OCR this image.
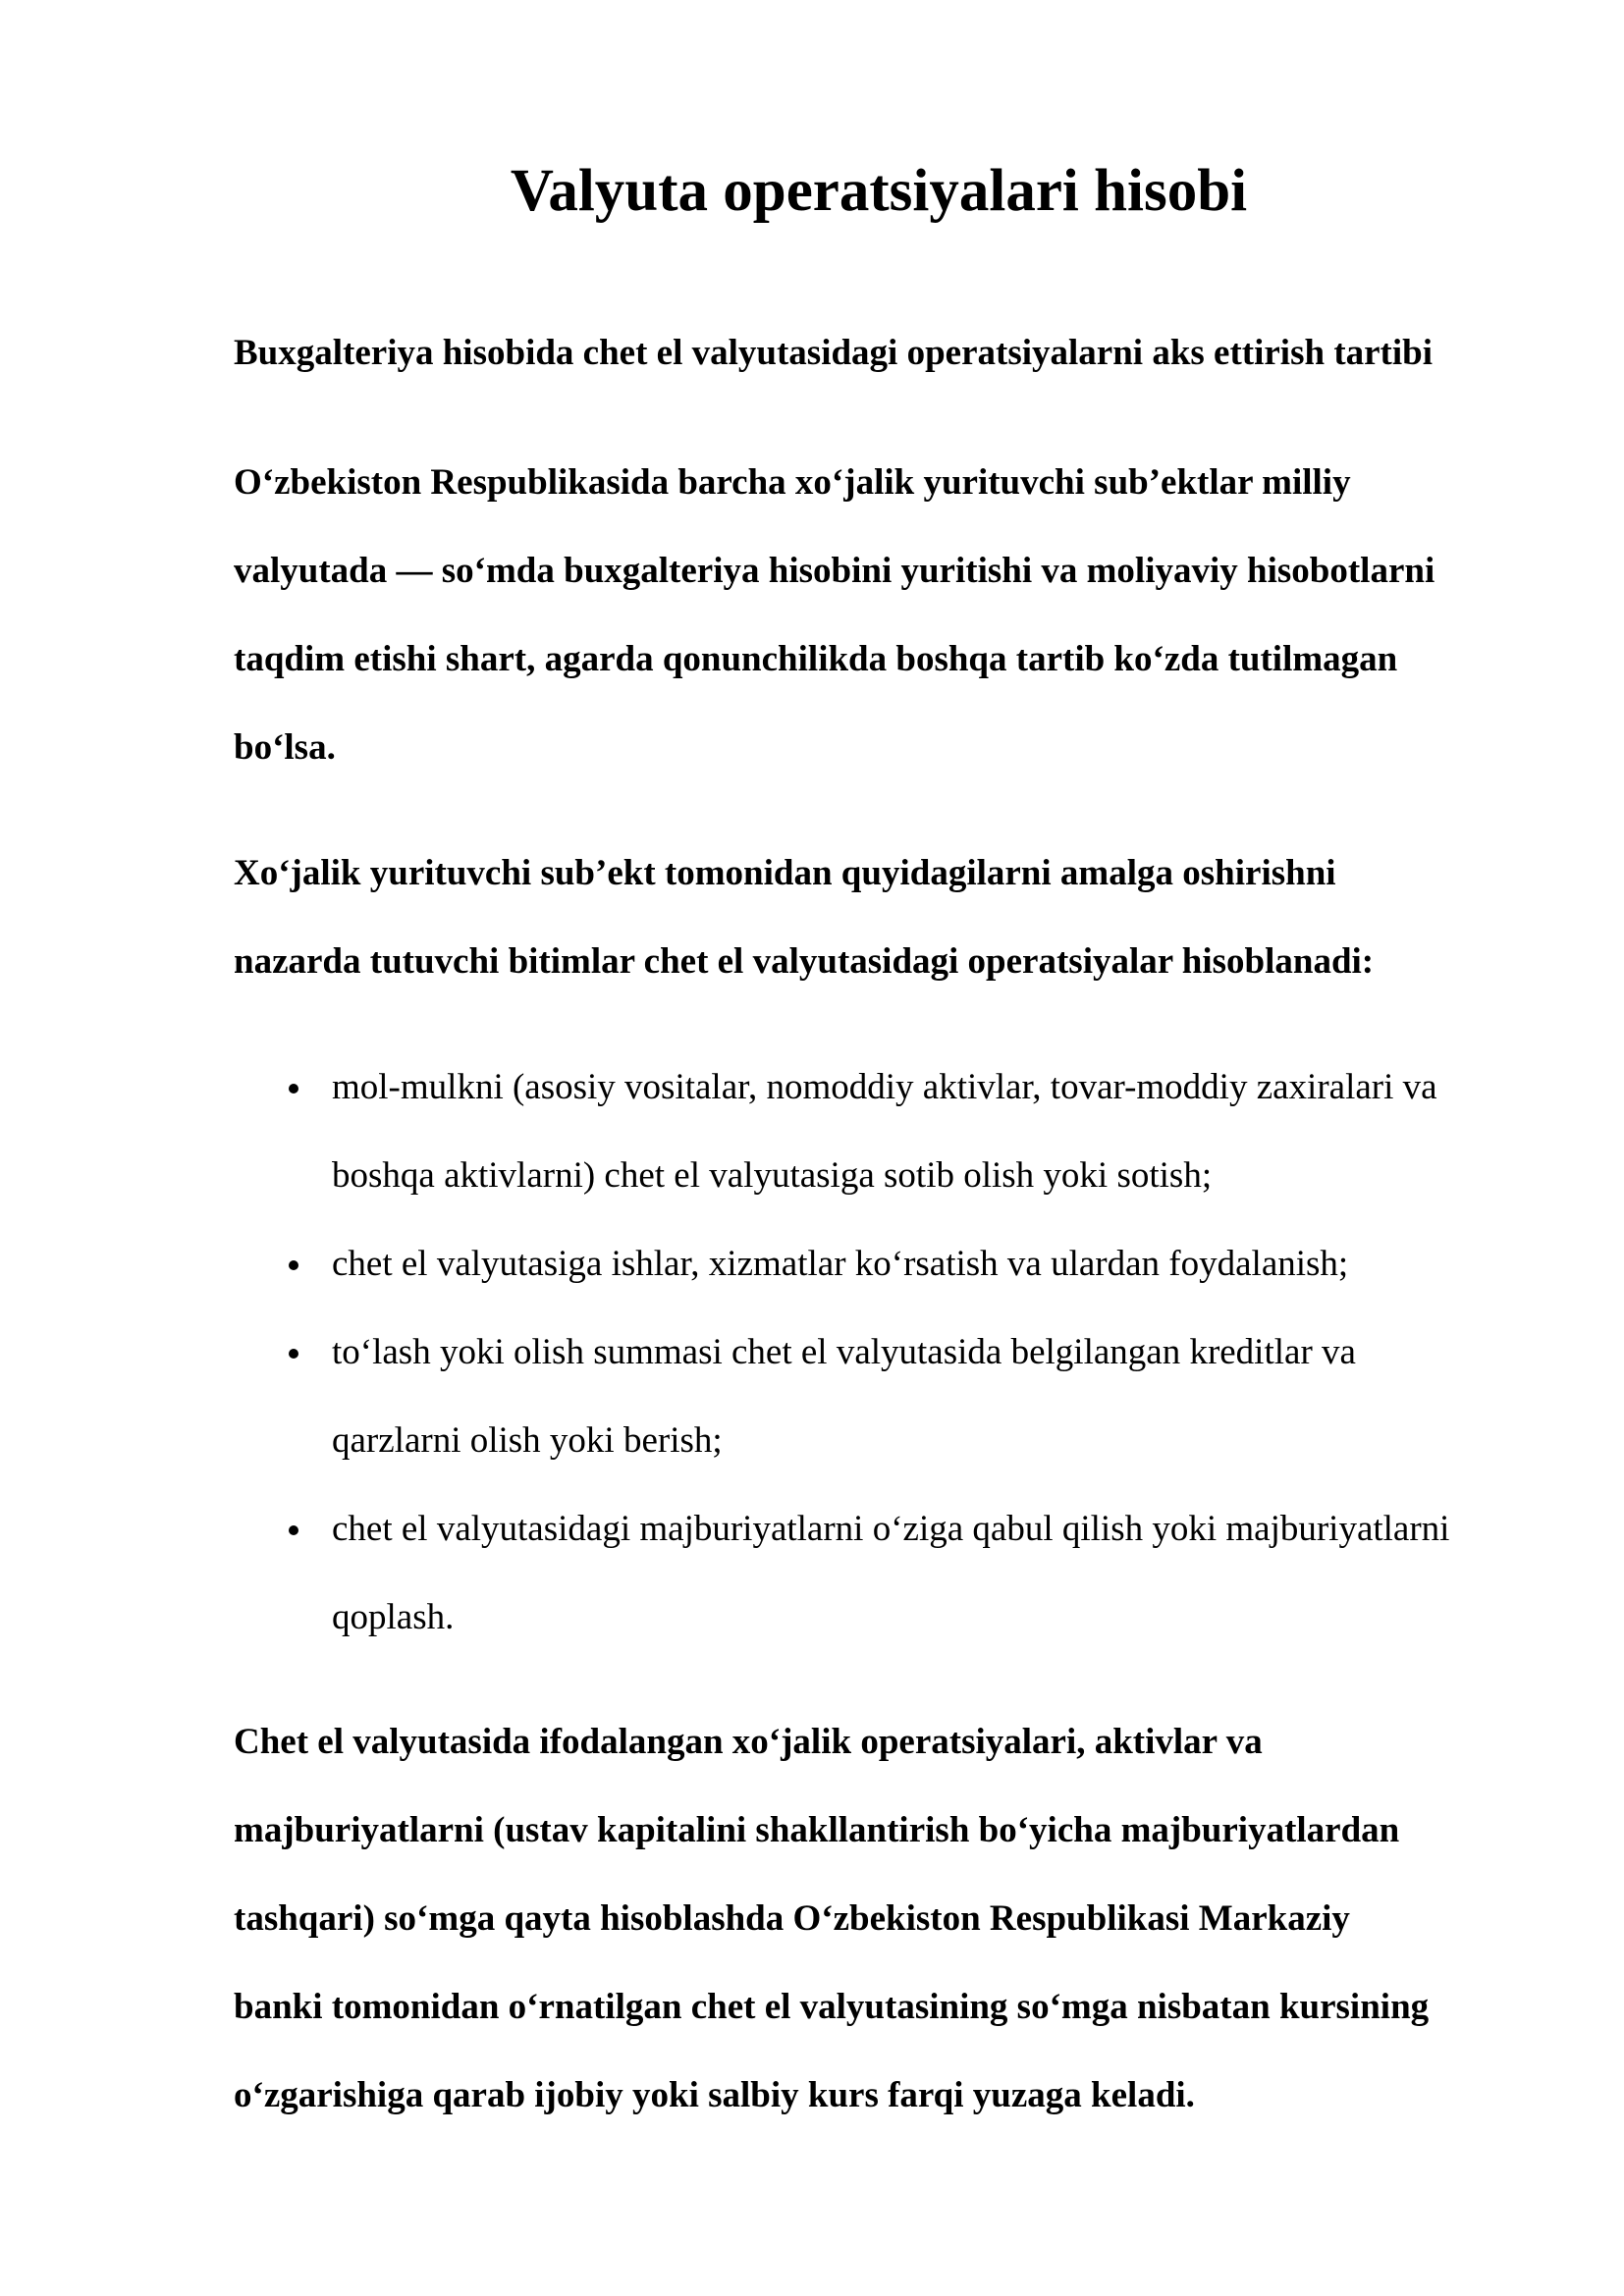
Valyuta operatsiyalari hisobi
Buxgalteriya hisobida chet el valyutasidagi operatsiyalarni aks ettirish tartibi

O‘zbekiston Respublikasida barcha xo‘jalik yurituvchi sub’ektlar milliy
valyutada — so‘mda buxgalteriya hisobini yuritishi va moliyaviy hisobotlarni
taqdim etishi shart, agarda qonunchilikda boshqa tartib ko‘zda tutilmagan
bo‘lsa.

Xo‘jalik yurituvchi sub’ekt tomonidan quyidagilarni amalga oshirishni
nazarda tutuvchi bitimlar chet el valyutasidagi operatsiyalar hisoblanadi:

mol-mulkni (asosiy vositalar, nomoddiy aktivlar, tovar-moddiy zaxiralari va
boshqa aktivlarni) chet el valyutasiga sotib olish yoki sotish;
chet el valyutasiga ishlar, xizmatlar ko‘rsatish va ulardan foydalanish;
to‘lash yoki olish summasi chet el valyutasida belgilangan kreditlar va
qarzlarni olish yoki berish;
chet el valyutasidagi majburiyatlarni o‘ziga qabul qilish yoki majburiyatlarni
qoplash.

Chet el valyutasida ifodalangan xo‘jalik operatsiyalari, aktivlar va
majburiyatlarni (ustav kapitalini shakllantirish bo‘yicha majburiyatlardan
tashqari) so‘mga qayta hisoblashda O‘zbekiston Respublikasi Markaziy
banki tomonidan o‘rnatilgan chet el valyutasining so‘mga nisbatan kursining
o‘zgarishiga qarab ijobiy yoki salbiy kurs farqi yuzaga keladi.
